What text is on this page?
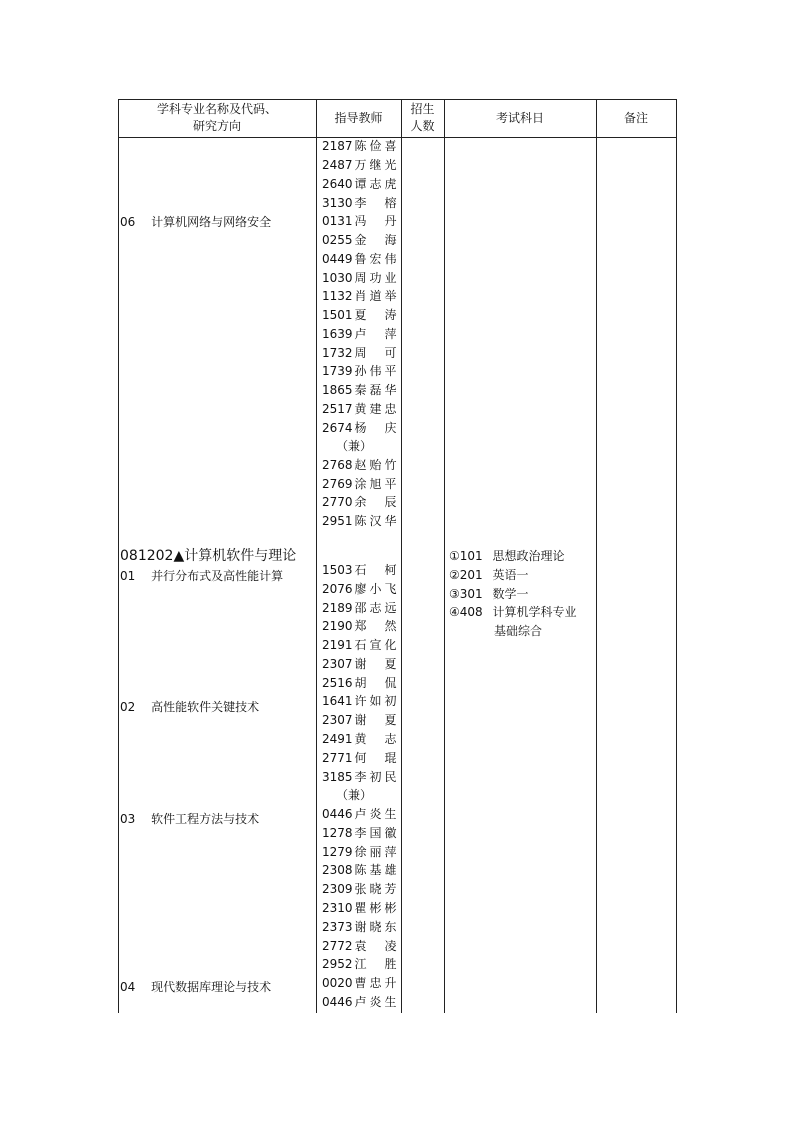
学科专业名称及代码、
研究方向
指导教师
招生
人数
考试科日	备注
06 计算机网络与网络安全
081202▲计算机软件与理论
01 并行分布式及高性能计算
02 高性能软件关键技术
03 软件工程方法与技术
04 现代数据库理论与技术
①101 思想政治理论
②201 英语一
③301 数学一
④408 计算机学科专业
基础综合
2187 陈俭喜
2487 万继光
2640 谭志虎
3130 李　榕
0131 冯　丹
0255 金　海
0449 鲁宏伟
1030 周功业
1132 肖道举
1501 夏　涛
1639 卢　萍
1732 周　可
1739 孙伟平
1865 秦磊华
2517 黄建忠
2674 杨　庆
（兼）
2768 赵贻竹
2769 涂旭平
2770 余　辰
2951 陈汉华
1503 石　柯
2076 廖小飞
2189 邵志远
2190 郑　然
2191 石宣化
2307 谢　夏
2516 胡　侃
1641 许如初
2307 谢　夏
2491 黄　志
2771 何　琨
3185 李初民
（兼）
0446 卢炎生
1278 李国徽
1279 徐丽萍
2308 陈基雄
2309 张晓芳
2310 瞿彬彬
2373 谢晓东
2772 袁　凌
2952 江　胜
0020 曹忠升
0446 卢炎生
